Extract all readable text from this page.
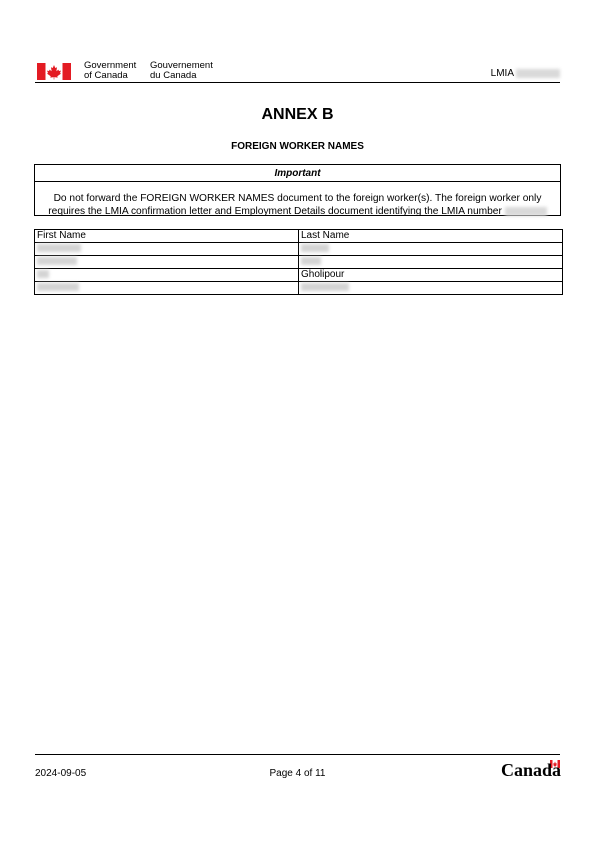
Government
of Canada
Gouvernement
du Canada	LMIA
ANNEX B
FOREIGN WORKER NAMES
Important
Do not forward the FOREIGN WORKER NAMES document to the foreign worker(s). The foreign worker only
requires the LMIA confirmation letter and Employment Details document identifying the LMIA number
First Name	Last Name

	Gholipour

2024-09-05	Page 4 of 11	Canada
